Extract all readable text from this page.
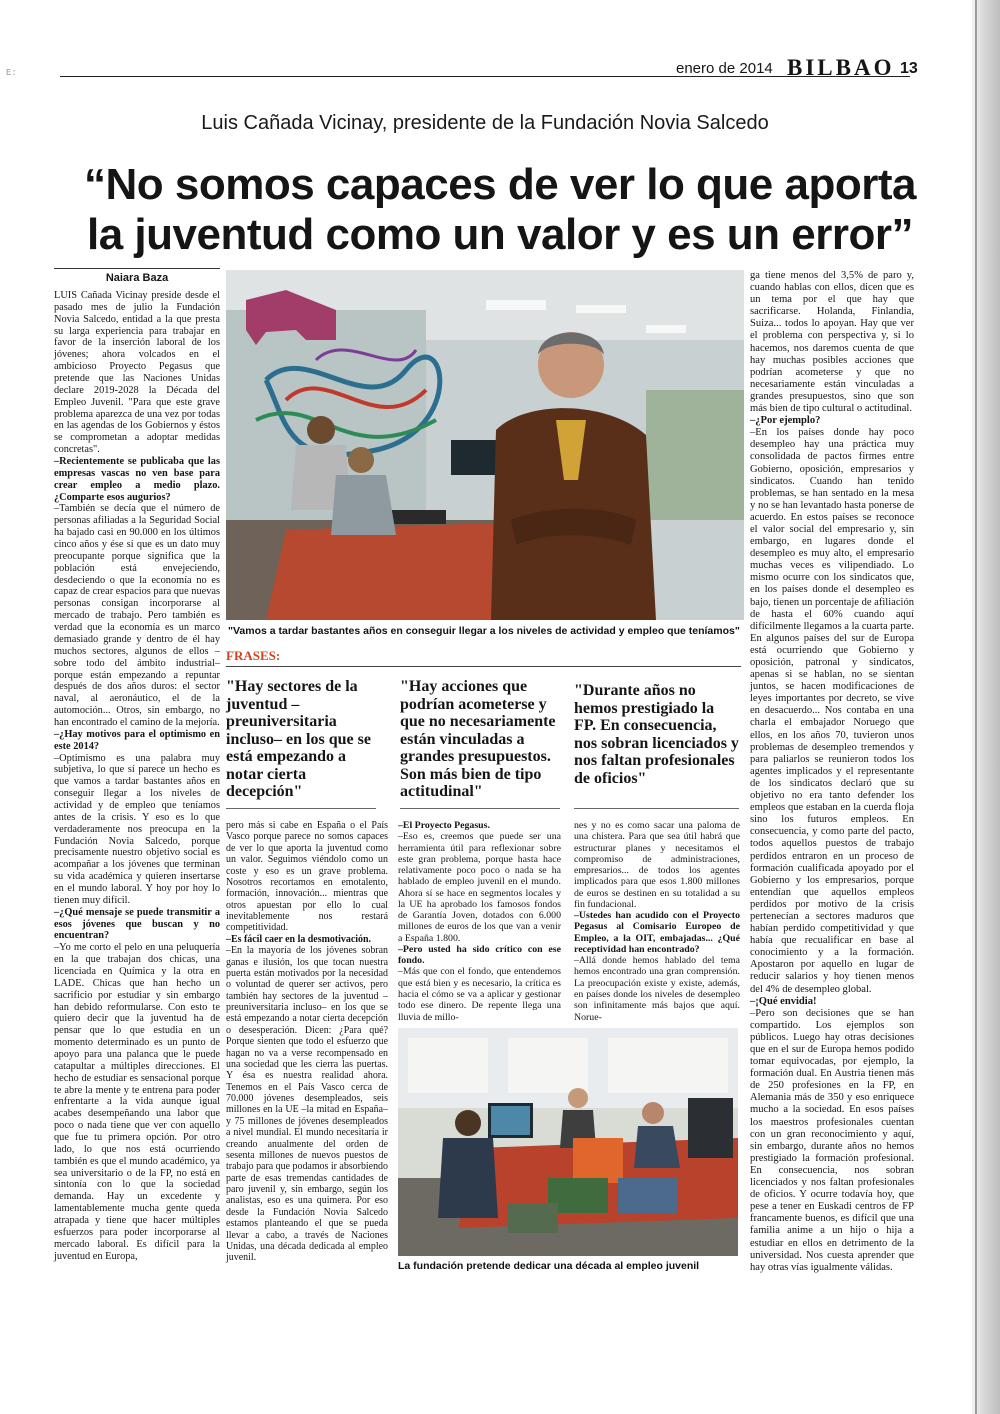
E:	enero de 2014 BILBAO 13
Luis Cañada Vicinay, presidente de la Fundación Novia Salcedo
“No somos capaces de ver lo que aporta
la juventud como un valor y es un error”
Naiara Baza

LUIS Cañada Vicinay preside desde el pasado mes de julio la Fundación Novia Salcedo, entidad a la que presta su larga experiencia para trabajar en favor de la inserción laboral de los jóvenes; ahora volcados en el ambicioso Proyecto Pegasus que pretende que las Naciones Unidas declare 2019-2028 la Década del Empleo Juvenil. "Para que este grave problema aparezca de una vez por todas en las agendas de los Gobiernos y éstos se comprometan a adoptar medidas concretas".

–Recientemente se publicaba que las empresas vascas no ven base para crear empleo a medio plazo. ¿Comparte esos augurios?

–También se decía que el número de personas afiliadas a la Seguridad Social ha bajado casi en 90.000 en los últimos cinco años y ése sí que es un dato muy preocupante porque significa que la población está envejeciendo, desdeciendo o que la economía no es capaz de crear espacios para que nuevas personas consigan incorporarse al mercado de trabajo. Pero también es verdad que la economía es un marco demasiado grande y dentro de él hay muchos sectores, algunos de ellos –sobre todo del ámbito industrial– porque están empezando a repuntar después de dos años duros: el sector naval, al aeronáutico, el de la automoción... Otros, sin embargo, no han encontrado el camino de la mejoría.

–¿Hay motivos para el optimismo en este 2014?

–Optimismo es una palabra muy subjetiva, lo que sí parece un hecho es que vamos a tardar bastantes años en conseguir llegar a los niveles de actividad y de empleo que teníamos antes de la crisis. Y eso es lo que verdaderamente nos preocupa en la Fundación Novia Salcedo, porque precisamente nuestro objetivo social es acompañar a los jóvenes que terminan su vida académica y quieren insertarse en el mundo laboral. Y hoy por hoy lo tienen muy difícil.

–¿Qué mensaje se puede transmitir a esos jóvenes que buscan y no encuentran?

–Yo me corto el pelo en una peluquería en la que trabajan dos chicas, una licenciada en Química y la otra en LADE. Chicas que han hecho un sacrificio por estudiar y sin embargo han debido reformularse. Con esto te quiero decir que la juventud ha de pensar que lo que estudia en un momento determinado es un punto de apoyo para una palanca que le puede catapultar a múltiples direcciones. El hecho de estudiar es sensacional porque te abre la mente y te entrena para poder enfrentarte a la vida aunque igual acabes desempeñando una labor que poco o nada tiene que ver con aquello que fue tu primera opción. Por otro lado, lo que nos está ocurriendo también es que el mundo académico, ya sea universitario o de la FP, no está en sintonía con lo que la sociedad demanda. Hay un excedente y lamentablemente mucha gente queda atrapada y tiene que hacer múltiples esfuerzos para poder incorporarse al mercado laboral. Es difícil para la juventud en Europa,

"Vamos a tardar bastantes años en conseguir llegar a los niveles de actividad y empleo que teníamos"
FRASES:
"Hay sectores de la juventud –preuniversitaria incluso– en los que se está empezando a notar cierta decepción"
"Hay acciones que podrían acometerse y que no necesariamente están vinculadas a grandes presupuestos. Son más bien de tipo actitudinal"
"Durante años no hemos prestigiado la FP. En consecuencia, nos sobran licenciados y nos faltan profesionales de oficios"

pero más si cabe en España o el País Vasco porque parece no somos capaces de ver lo que aporta la juventud como un valor. Seguimos viéndolo como un coste y eso es un grave problema. Nosotros recortamos en emotalento, formación, innovación... mientras que otros apuestan por ello lo cual inevitablemente nos restará competitividad.

–Es fácil caer en la desmotivación.

–En la mayoría de los jóvenes sobran ganas e ilusión, los que tocan nuestra puerta están motivados por la necesidad o voluntad de querer ser activos, pero también hay sectores de la juventud –preuniversitaria incluso– en los que se está empezando a notar cierta decepción o desesperación. Dicen: ¿Para qué? Porque sienten que todo el esfuerzo que hagan no va a verse recompensado en una sociedad que les cierra las puertas. Y ésa es nuestra realidad ahora. Tenemos en el País Vasco cerca de 70.000 jóvenes desempleados, seis millones en la UE –la mitad en España– y 75 millones de jóvenes desempleados a nivel mundial. El mundo necesitaría ir creando anualmente del orden de sesenta millones de nuevos puestos de trabajo para que podamos ir absorbiendo parte de esas tremendas cantidades de paro juvenil y, sin embargo, según los analistas, eso es una quimera. Por eso desde la Fundación Novia Salcedo estamos planteando el que se pueda llevar a cabo, a través de Naciones Unidas, una década dedicada al empleo juvenil.

–El Proyecto Pegasus.

–Eso es, creemos que puede ser una herramienta útil para reflexionar sobre este gran problema, porque hasta hace relativamente poco poco o nada se ha hablado de empleo juvenil en el mundo. Ahora sí se hace en segmentos locales y la UE ha aprobado los famosos fondos de Garantía Joven, dotados con 6.000 millones de euros de los que van a venir a España 1.800.

–Pero usted ha sido crítico con ese fondo.

–Más que con el fondo, que entendemos que está bien y es necesario, la crítica es hacia el cómo se va a aplicar y gestionar todo ese dinero. De repente llega una lluvia de millo-

nes y no es como sacar una paloma de una chistera. Para que sea útil habrá que estructurar planes y necesitamos el compromiso de administraciones, empresarios... de todos los agentes implicados para que esos 1.800 millones de euros se destinen en su totalidad a su fin fundacional.

–Ustedes han acudido con el Proyecto Pegasus al Comisario Europeo de Empleo, a la OIT, embajadas... ¿Qué receptividad han encontrado?

–Allá donde hemos hablado del tema hemos encontrado una gran comprensión. La preocupación existe y existe, además, en países donde los niveles de desempleo son infinitamente más bajos que aquí. Norue-

La fundación pretende dedicar una década al empleo juvenil

ga tiene menos del 3,5% de paro y, cuando hablas con ellos, dicen que es un tema por el que hay que sacrificarse. Holanda, Finlandia, Suiza... todos lo apoyan. Hay que ver el problema con perspectiva y, si lo hacemos, nos daremos cuenta de que hay muchas posibles acciones que podrían acometerse y que no necesariamente están vinculadas a grandes presupuestos, sino que son más bien de tipo cultural o actitudinal.

–¿Por ejemplo?

–En los países donde hay poco desempleo hay una práctica muy consolidada de pactos firmes entre Gobierno, oposición, empresarios y sindicatos. Cuando han tenido problemas, se han sentado en la mesa y no se han levantado hasta ponerse de acuerdo. En estos países se reconoce el valor social del empresario y, sin embargo, en lugares donde el desempleo es muy alto, el empresario muchas veces es vilipendiado. Lo mismo ocurre con los sindicatos que, en los países donde el desempleo es bajo, tienen un porcentaje de afiliación de hasta el 60% cuando aquí difícilmente llegamos a la cuarta parte. En algunos países del sur de Europa está ocurriendo que Gobierno y oposición, patronal y sindicatos, apenas si se hablan, no se sientan juntos, se hacen modificaciones de leyes importantes por decreto, se vive en desacuerdo... Nos contaba en una charla el embajador Noruego que ellos, en los años 70, tuvieron unos problemas de desempleo tremendos y para paliarlos se reunieron todos los agentes implicados y el representante de los sindicatos declaró que su objetivo no era tanto defender los empleos que estaban en la cuerda floja sino los futuros empleos. En consecuencia, y como parte del pacto, todos aquellos puestos de trabajo perdidos entraron en un proceso de formación cualificada apoyado por el Gobierno y los empresarios, porque entendían que aquellos empleos perdidos por motivo de la crisis pertenecían a sectores maduros que habían perdido competitividad y que había que recualificar en base al conocimiento y a la formación. Apostaron por aquello en lugar de reducir salarios y hoy tienen menos del 4% de desempleo global.

–¡Qué envidia!

–Pero son decisiones que se han compartido. Los ejemplos son públicos. Luego hay otras decisiones que en el sur de Europa hemos podido tomar equivocadas, por ejemplo, la formación dual. En Austria tienen más de 250 profesiones en la FP, en Alemania más de 350 y eso enriquece mucho a la sociedad. En esos países los maestros profesionales cuentan con un gran reconocimiento y aquí, sin embargo, durante años no hemos prestigiado la formación profesional. En consecuencia, nos sobran licenciados y nos faltan profesionales de oficios. Y ocurre todavía hoy, que pese a tener en Euskadi centros de FP francamente buenos, es difícil que una familia anime a un hijo o hija a estudiar en ellos en detrimento de la universidad. Nos cuesta aprender que hay otras vías igualmente válidas.
